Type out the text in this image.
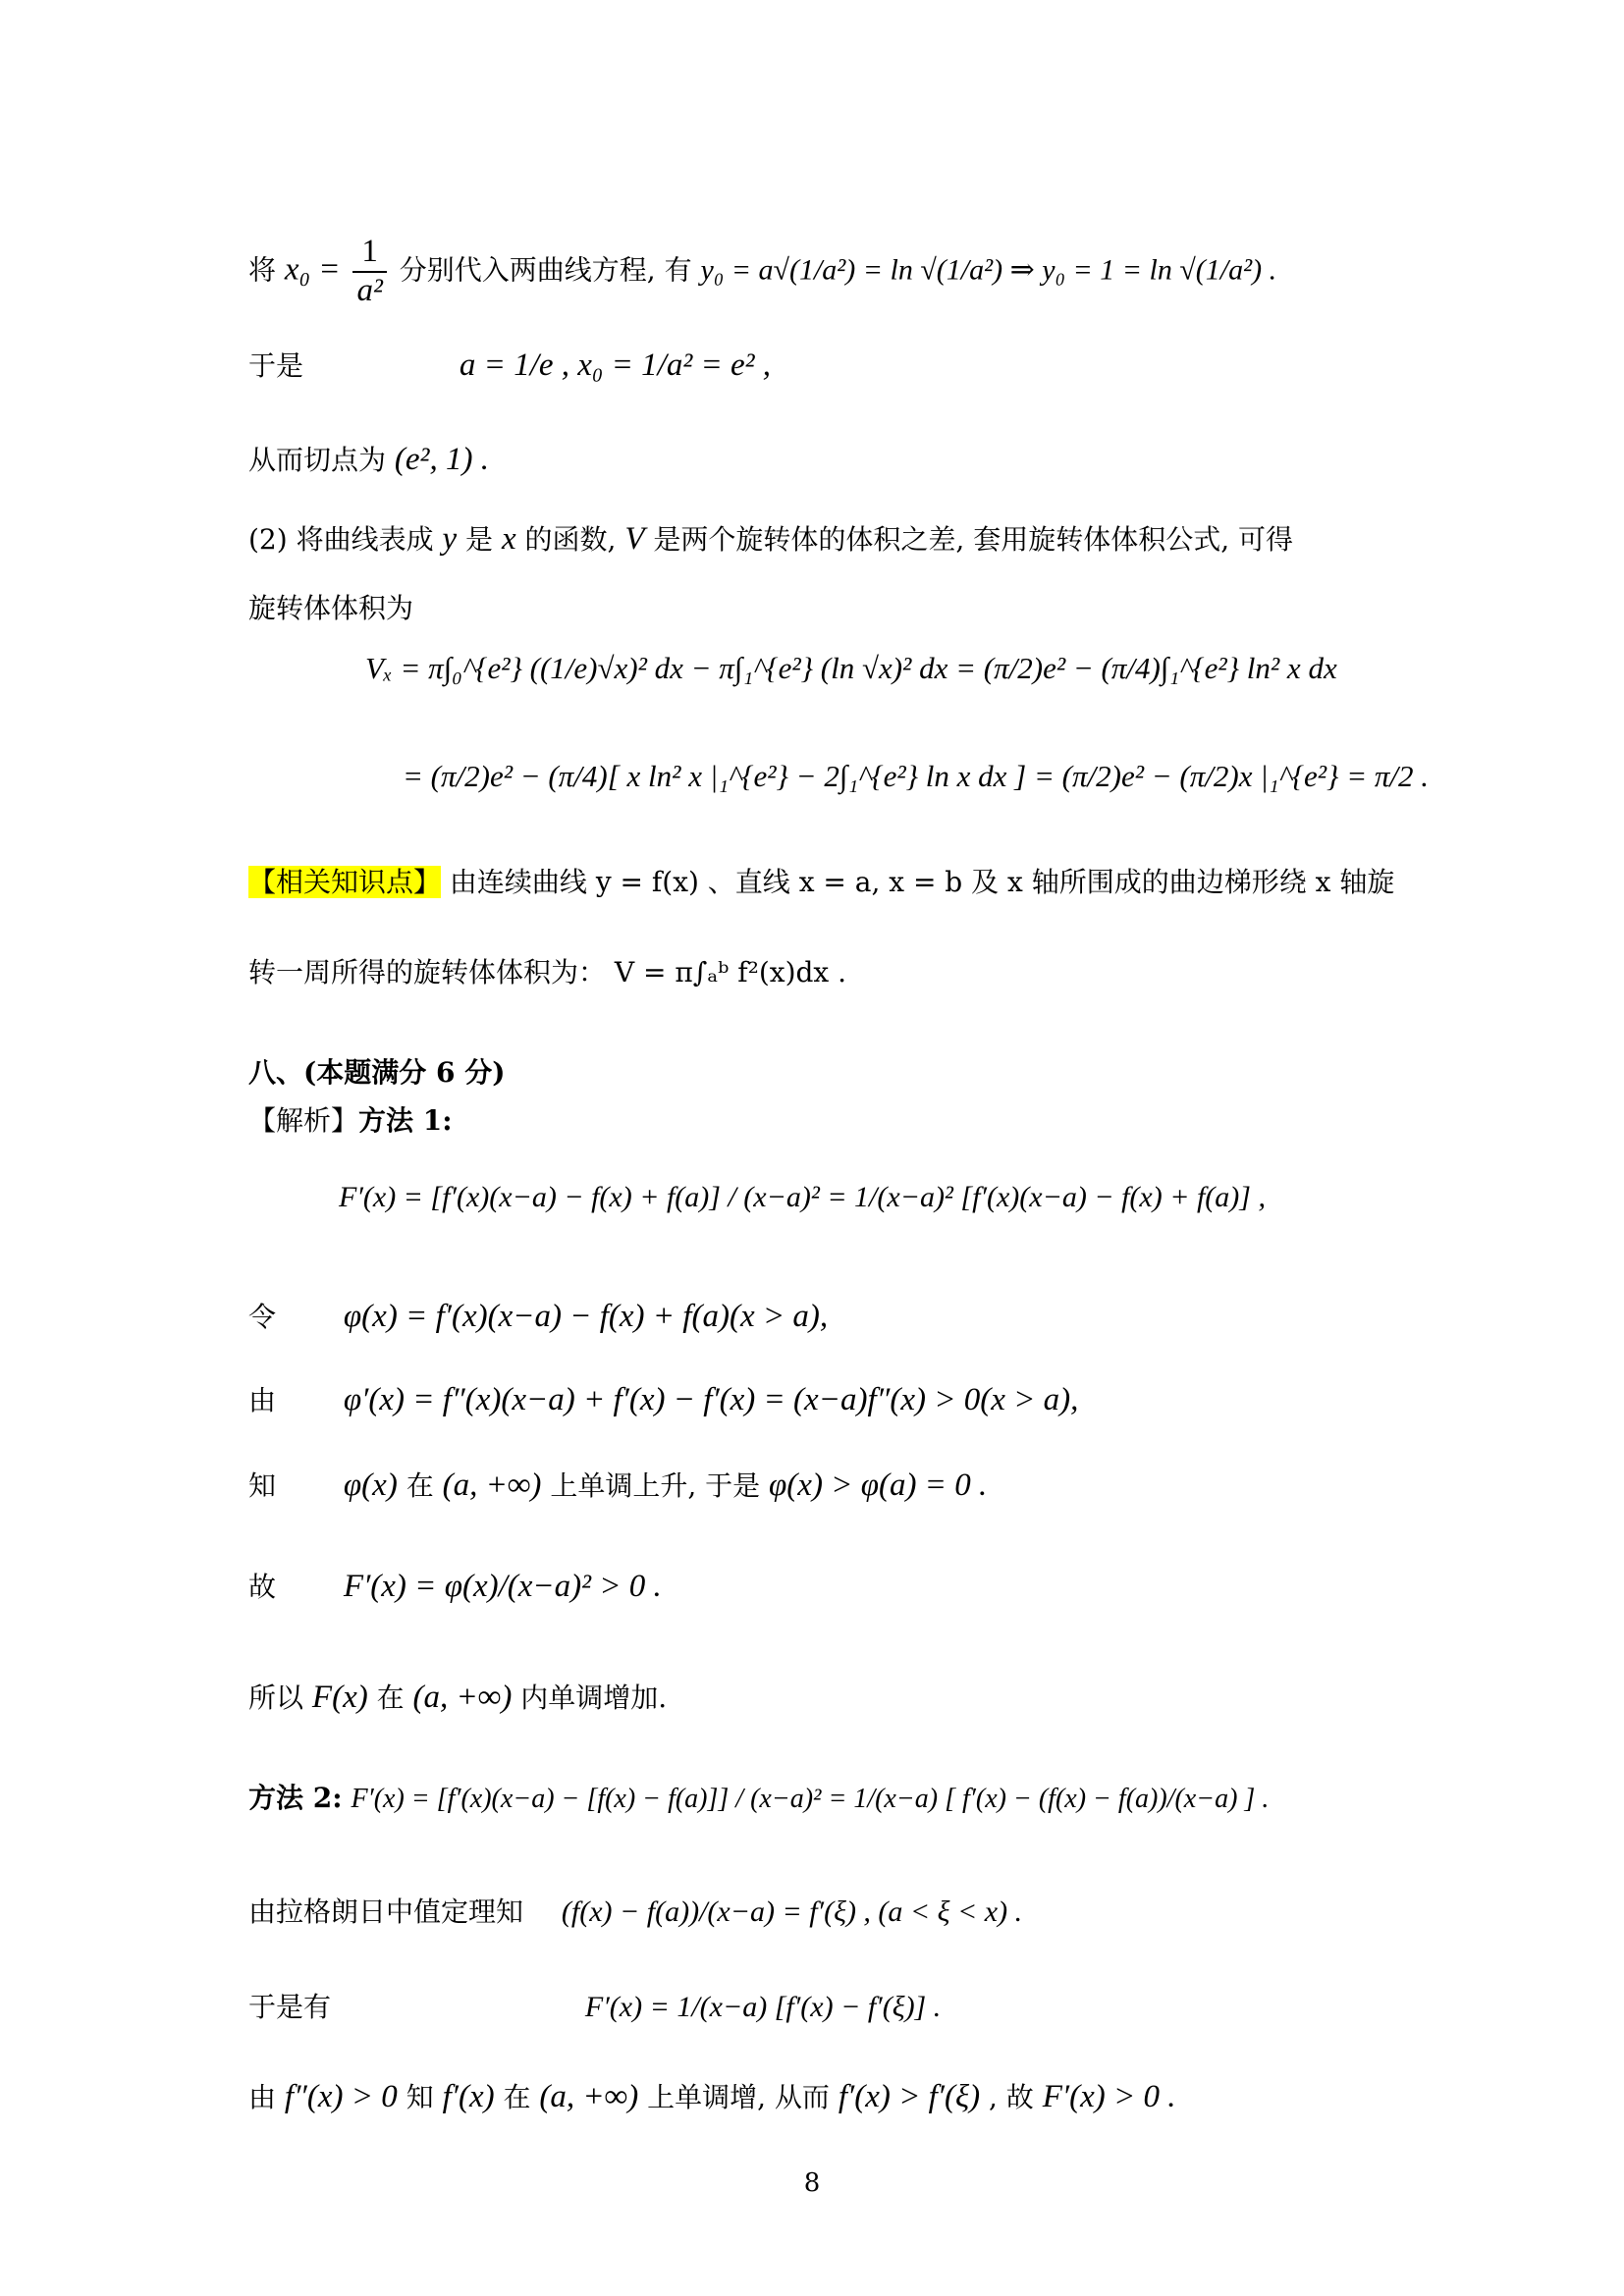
将 $x_0 = \frac{1}{\text{a²}}$ 分别代入两曲线方程, 有 y₀ = a√(1/a²) = ln √(1/a²) ⇒ y₀ = 1 = ln √(1/a²) .
于是	a = 1/e , x₀ = 1/a² = e² ,
从而切点为 (e², 1) .
(2) 将曲线表成 y 是 x 的函数, V 是两个旋转体的体积之差, 套用旋转体体积公式, 可得
旋转体体积为
Vₓ = π∫₀^{e²} ((1/e)√x)² dx − π∫₁^{e²} (ln √x)² dx = (π/2)e² − (π/4)∫₁^{e²} ln² x dx
= (π/2)e² − (π/4)[ x ln² x |₁^{e²} − 2∫₁^{e²} ln x dx ] = (π/2)e² − (π/2)x |₁^{e²} = π/2 .
【相关知识点】 由连续曲线 y = f(x) 、直线 x = a, x = b 及 x 轴所围成的曲边梯形绕 x 轴旋
转一周所得的旋转体体积为： V = π∫ₐᵇ f²(x)dx .
八、(本题满分 6 分)
【解析】方法 1:
F′(x) = [f′(x)(x−a) − f(x) + f(a)] / (x−a)² = 1/(x−a)² [f′(x)(x−a) − f(x) + f(a)] ,
令 φ(x) = f′(x)(x−a) − f(x) + f(a)(x > a),
由 φ′(x) = f″(x)(x−a) + f′(x) − f′(x) = (x−a)f″(x) > 0(x > a),
知 φ(x) 在 (a, +∞) 上单调上升, 于是 φ(x) > φ(a) = 0 .
故 F′(x) = φ(x)/(x−a)² > 0 .
所以 F(x) 在 (a, +∞) 内单调增加.
方法 2: F′(x) = [f′(x)(x−a) − [f(x) − f(a)]] / (x−a)² = 1/(x−a) [ f′(x) − (f(x) − f(a))/(x−a) ] .
由拉格朗日中值定理知 (f(x) − f(a))/(x−a) = f′(ξ) , (a < ξ < x) .
于是有	F′(x) = 1/(x−a) [f′(x) − f′(ξ)] .
由 f″(x) > 0 知 f′(x) 在 (a, +∞) 上单调增, 从而 f′(x) > f′(ξ) , 故 F′(x) > 0 .
8
